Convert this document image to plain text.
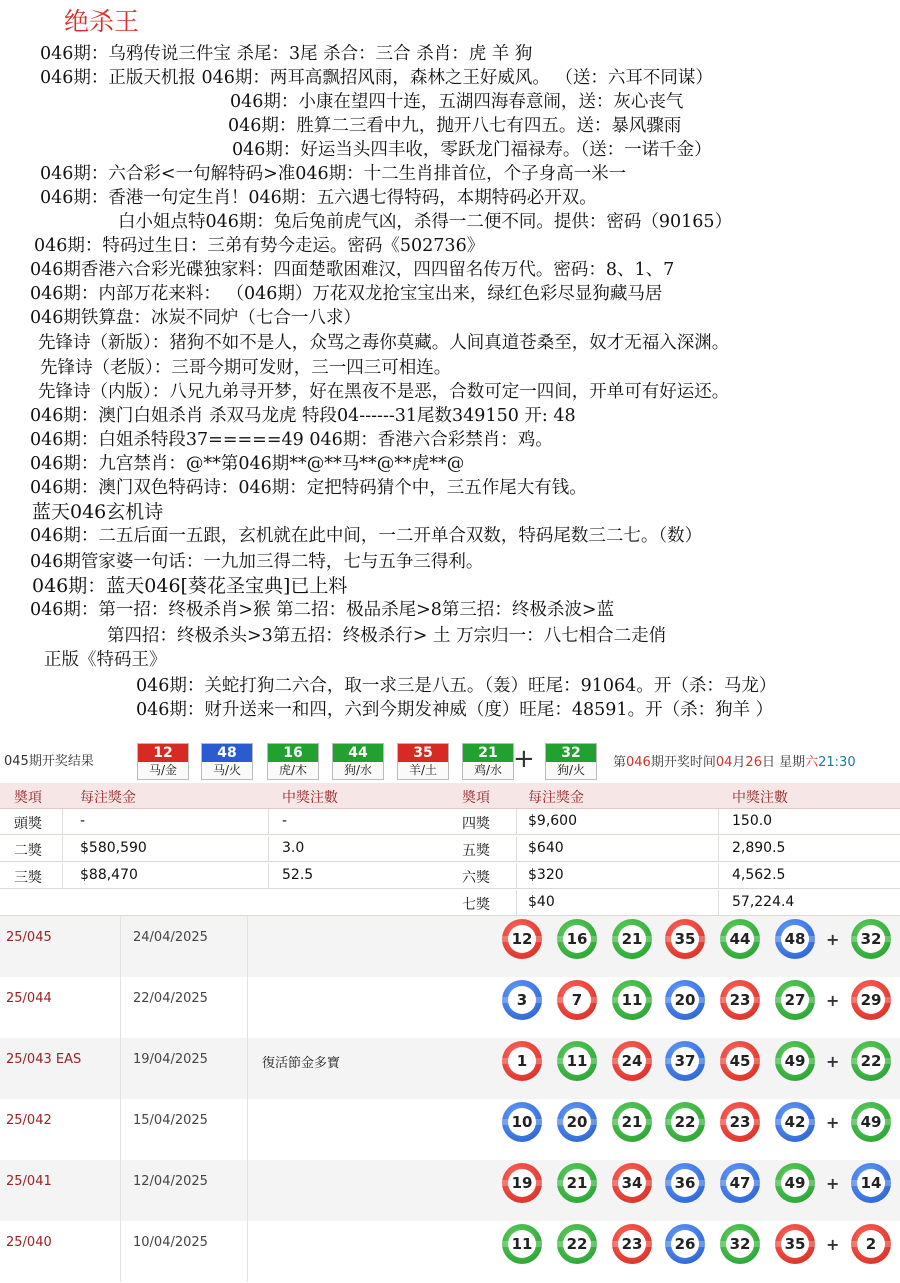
绝杀王
046期：乌鸦传说三件宝 杀尾：3尾 杀合：三合 杀肖：虎 羊 狗
046期：正版天机报 046期：两耳高飘招风雨，森林之王好威风。 （送：六耳不同谋）
046期：小康在望四十连，五湖四海春意闹，送：灰心丧气
046期：胜算二三看中九，抛开八七有四五。送：暴风骤雨
046期：好运当头四丰收，零跃龙门福禄寿。（送：一诺千金）
046期：六合彩<一句解特码>准046期：十二生肖排首位，个子身高一米一
046期：香港一句定生肖！046期：五六遇七得特码，本期特码必开双。
白小姐点特046期：兔后兔前虎气凶，杀得一二便不同。提供：密码（90165）
046期：特码过生日：三弟有势今走运。密码《502736》
046期香港六合彩光碟独家料：四面楚歌困难汉，四四留名传万代。密码：8、1、7
046期：内部万花来料： （046期）万花双龙抢宝宝出来，绿红色彩尽显狗藏马居
046期铁算盘：冰炭不同炉（七合一八求）
先锋诗（新版）：猪狗不如不是人，众骂之毒你莫藏。人间真道苍桑至，奴才无福入深渊。
先锋诗（老版）：三哥今期可发财，三一四三可相连。
先锋诗（内版）：八兄九弟寻开梦，好在黑夜不是恶，合数可定一四间，开单可有好运还。
046期：澳门白姐杀肖 杀双马龙虎 特段04------31尾数349150 开: 48
046期：白姐杀特段37=====49 046期：香港六合彩禁肖：鸡。
046期：九宫禁肖：@**第046期**@**马**@**虎**@
046期：澳门双色特码诗：046期：定把特码猜个中，三五作尾大有钱。
蓝天046玄机诗
046期：二五后面一五跟，玄机就在此中间，一二开单合双数，特码尾数三二七。（数）
046期管家婆一句话：一九加三得二特，七与五争三得利。
046期：蓝天046[葵花圣宝典]已上料
046期：第一招：终极杀肖>猴 第二招：极品杀尾>8第三招：终极杀波>蓝
第四招：终极杀头>3第五招：终极杀行> 土 万宗归一：八七相合二走俏
正版《特码王》
046期：关蛇打狗二六合，取一求三是八五。（轰）旺尾：91064。开（杀：马龙）
046期：财升送来一和四，六到今期发神威（度）旺尾：48591。开（杀：狗羊 ）
045期开奖结果
12
马/金
48
马/火
16
虎/木
44
狗/水
35
羊/土
21
鸡/水
32
狗/火
+	第046期开奖时间04月26日 星期六21:30
奬項	每注獎金	中獎注數	奬項	每注獎金	中獎注數
頭獎	-	-	四獎	$9,600	150.0
二獎	$580,590	3.0	五獎	$640	2,890.5
三獎	$88,470	52.5	六獎	$320	4,562.5
七獎	$40	57,224.4
25/045	24/04/2025	12 16 21 35 44 48 + 32
25/044	22/04/2025	3	7	11 20 23 27 + 29
25/043 EAS	19/04/2025	復活節金多寶	1	11 24 37 45 49 + 22
25/042	15/04/2025	10 20 21 22 23 42 + 49
25/041	12/04/2025	19 21 34 36 47 49 + 14
25/040	10/04/2025	11 22 23 26 32 35 +	2
